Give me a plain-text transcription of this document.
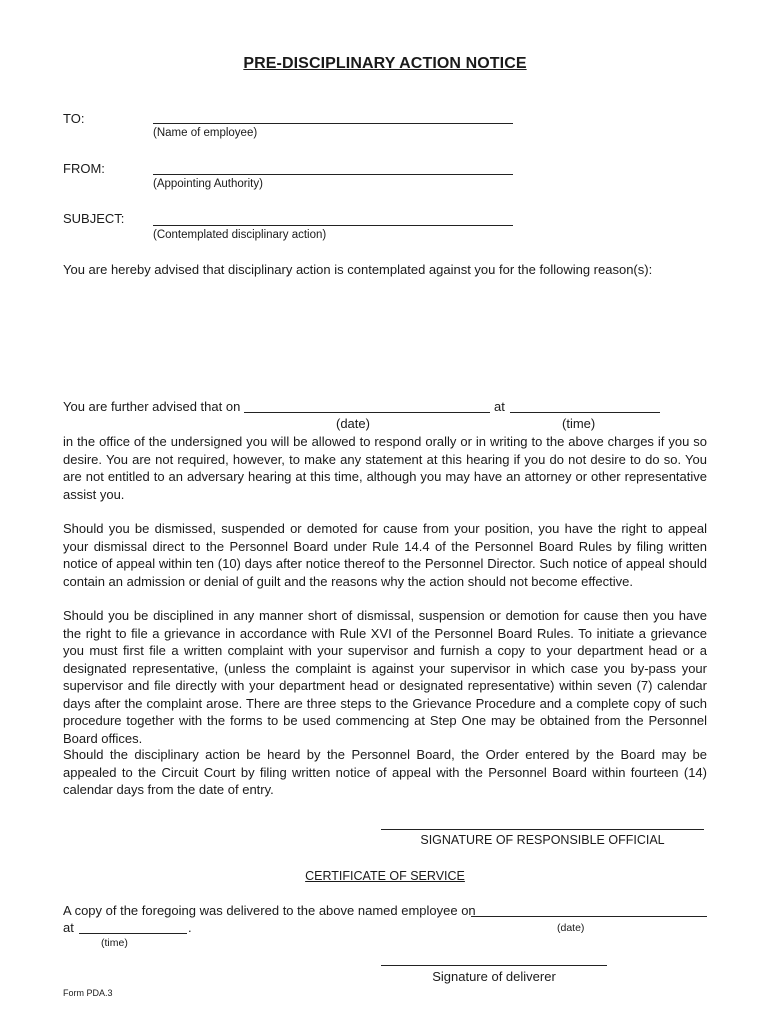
PRE-DISCIPLINARY ACTION NOTICE
TO:
(Name of employee)
FROM:
(Appointing Authority)
SUBJECT:
(Contemplated disciplinary action)
You are hereby advised that disciplinary action is contemplated against you for the following reason(s):
You are further advised that on	at
(date)	(time)
in the office of the undersigned you will be allowed to respond orally or in writing to the above charges if you so desire. You are not required, however, to make any statement at this hearing if you do not desire to do so. You are not entitled to an adversary hearing at this time, although you may have an attorney or other representative assist you.
Should you be dismissed, suspended or demoted for cause from your position, you have the right to appeal your dismissal direct to the Personnel Board under Rule 14.4 of the Personnel Board Rules by filing written notice of appeal within ten (10) days after notice thereof to the Personnel Director. Such notice of appeal should contain an admission or denial of guilt and the reasons why the action should not become effective.
Should you be disciplined in any manner short of dismissal, suspension or demotion for cause then you have the right to file a grievance in accordance with Rule XVI of the Personnel Board Rules. To initiate a grievance you must first file a written complaint with your supervisor and furnish a copy to your department head or a designated representative, (unless the complaint is against your supervisor in which case you by-pass your supervisor and file directly with your department head or designated representative) within seven (7) calendar days after the complaint arose. There are three steps to the Grievance Procedure and a complete copy of such procedure together with the forms to be used commencing at Step One may be obtained from the Personnel Board offices.
Should the disciplinary action be heard by the Personnel Board, the Order entered by the Board may be appealed to the Circuit Court by filing written notice of appeal with the Personnel Board within fourteen (14) calendar days from the date of entry.
SIGNATURE OF RESPONSIBLE OFFICIAL
CERTIFICATE OF SERVICE
A copy of the foregoing was delivered to the above named employee on
(date)
at	.
(time)
Signature of deliverer
Form PDA.3
